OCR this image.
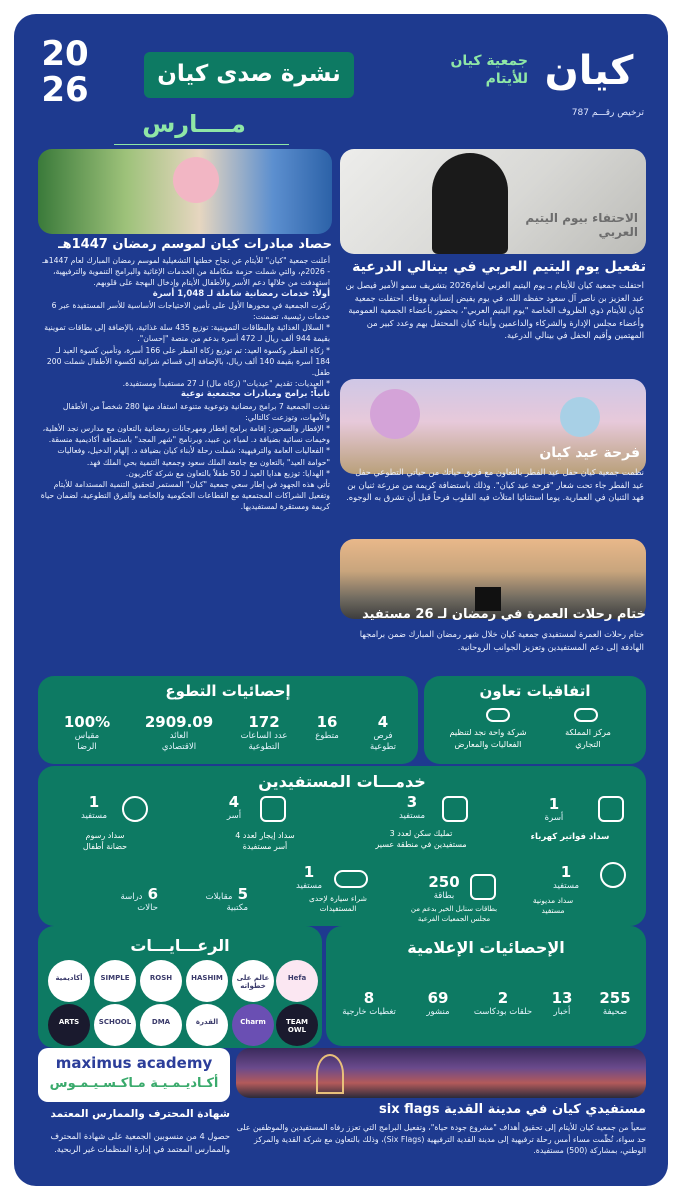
20
26	نشرة صدى كيان
مــــارس
كيان
جمعية كيان
للأيتام
ترخيص رقـــم 787
الاحتفاء بيوم اليتيم العربي
تفعيل يوم اليتيم العربي في بينالي الدرعية
احتفلت جمعية كيان للأيتام بـ يوم اليتيم العربي لعام2026 بتشريف سمو الأمير فيصل بن عبد العزيز بن ناصر آل سعود حفظه الله، في يوم يفيض إنسانية ووفاء. احتفلت جمعية كيان للأيتام ذوي الظروف الخاصة "يوم اليتيم العربي"، بحضور بأعضاء الجمعية العمومية وأعضاء مجلس الإدارة والشركاء والداعمين وأبناء كيان المحتفل بهم وعدد كبير من المهتمين وأقيم الحفل في بينالي الدرعية.
فرحة عيد كيان
نظمت جمعية كيان حفل عيد الفطر بالتعاون مع فريق حياتك من حياتي التطوعي حفل عيد الفطر جاء تحت شعار "فرحة عيد كيان". وذلك باستضافة كريمة من مزرعة ثنيان بن فهد الثنيان في العمارية. يوما استثنائيا امتلأت فيه القلوب فرحاً قبل أن تشرق به الوجوه.
ختام رحلات العمرة في رمضان لـ 26 مستفيد
ختام رحلات العمرة لمستفيدي جمعية كيان خلال شهر رمضان المبارك ضمن برامجها الهادفة إلى دعم المستفيدين وتعزيز الجوانب الروحانية.
حصاد مبادرات كيان لموسم رمضان 1447هـ
أعلنت جمعية "كيان" للأيتام عن نجاح خطتها التشغيلية لموسم رمضان المبارك لعام 1447هـ - 2026م، والتي شملت حزمة متكاملة من الخدمات الإغاثية والبرامج التنموية والترفيهية، استهدفت من خلالها دعم الأسر والأطفال الأيتام وإدخال البهجة على قلوبهم.
أولاً: خدمات رمضانية شاملة لـ 1,048 أسرة
ركزت الجمعية في محورها الأول على تأمين الاحتياجات الأساسية للأسر المستفيدة عبر 6 خدمات رئيسية، تضمنت:
* السلال الغذائية والبطاقات التموينية: توزيع 435 سلة غذائية، بالإضافة إلى بطاقات تموينية بقيمة 944 ألف ريال لـ 472 أسرة بدعم من منصة "إحسان".
* زكاة الفطر وكسوة العيد: تم توزيع زكاة الفطر على 166 أسرة، وتأمين كسوة العيد لـ 184 أسرة بقيمة 140 ألف ريال، بالإضافة إلى قسائم شرائية لكسوة الأطفال شملت 200 طفل.
* العيديات: تقديم "عيديات" (زكاة مال) لـ 27 مستفيداً ومستفيدة.
ثانياً: برامج ومبادرات مجتمعية نوعية
نفذت الجمعية 7 برامج رمضانية وتوعوية متنوعة استفاد منها 280 شخصاً من الأطفال والأمهات، وتوزعت كالتالي:
* الإفطار والسحور: إقامة برامج إفطار ومهرجانات رمضانية بالتعاون مع مدارس نجد الأهلية، وخيمات نسائية بضيافة د. لمياء بن عبيد، وبرنامج "شهر المجد" باستضافة أكاديمية منسقة.
* الفعاليات العامة والترفيهية: شملت رحلة لأبناء كيان بضيافة د. إلهام الدخيل، وفعاليات "حوامة العيد" بالتعاون مع جامعة الملك سعود وجمعية التنمية بحي الملك فهد.
* الهدايا: توزيع هدايا العيد لـ 50 طفلاً بالتعاون مع شركة كاتريون.
تأتي هذه الجهود في إطار سعي جمعية "كيان" المستمر لتحقيق التنمية المستدامة للأيتام وتفعيل الشراكات المجتمعية مع القطاعات الحكومية والخاصة والفرق التطوعية، لضمان حياة كريمة ومستقرة لمستفيديها.
اتفاقيات تعاون
مركز المملكة
التجاري
شركة واحة نجد لتنظيم
الفعاليات والمعارض
إحصائيات التطوع
4
فرص
تطوعية
16
متطوع
172
عدد الساعات
التطوعية
2909.09
العائد
الاقتصادي
100%
مقياس
الرضا
خدمـــات المستفيدين
1
أسرة
سداد فواتير كهرباء
3
مستفيد
تمليك سكن لعدد 3
مستفيدين في منطقة عسير
4
أسر
سداد إيجار لعدد 4
أسر مستفيدة
1
مستفيد
سداد رسوم
حضانة أطفال
1
مستفيد
سداد مديونية
مستفيد
250
بطاقة
بطاقات سنابل الخير بدعم من
مجلس الجمعيات الفرعية
1
مستفيد
شراء سيارة لإحدى
المستفيدات
5 مقابلات
مكتبية
6 دراسة
حالات
الإحصائيات الإعلامية
255
صحيفة
13
أخبار
2
حلقات بودكاست
69
منشور
8
تغطيات خارجية
الرعـــايـــات
أكاديمية	SIMPLE	ROSH	HASHIM	عالم على خطواته
Hefa
ARTS	SCHOOL	DMA	القدرة	Charm	TEAM OWL
maximus academy
أكـاديـمـيـة مـاكـسـيـمـوس
شهادة المحترف والممارس المعتمد
حصول 4 من منسوبين الجمعية على شهادة المحترف والممارس المعتمد في إدارة المنظمات غير الربحية.
مستفيدي كيان في مدينة القدية six flags
سعياً من جمعية كيان للأيتام إلى تحقيق أهداف "مشروع جودة حياة"، وتفعيل البرامج التي تعزز رفاه المستفيدين والموظفين على حد سواء، نُظّمت مساء أمس رحلة ترفيهية إلى مدينة القدية الترفيهية (Six Flags)، وذلك بالتعاون مع شركة القدية والمركز الوطني، بمشاركة (500) مستفيدة.
